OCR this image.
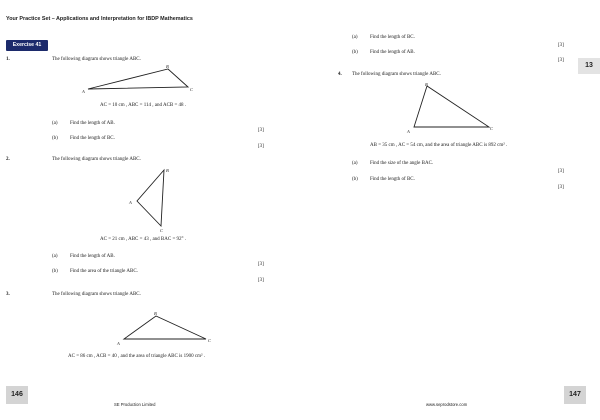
Your Practice Set – Applications and Interpretation for IBDP Mathematics
Exercise 41
13
1.	The following diagram shows triangle ABC.
A
B
C
AC = 10 cm , ABC = 114 , and ACB = 48 .
(a) Find the length of AB.
[3]
(b) Find the length of BC.
[3]
2.	The following diagram shows triangle ABC.
B
A
C
AC = 21 cm , ABC = 43 , and BAC = 92° .
(a) Find the length of AB.
[3]
(b) Find the area of the triangle ABC.
[3]
3.	The following diagram shows triangle ABC.
A
B
C
AC = 86 cm , ACB = 40 , and the area of triangle ABC is 1900 cm² .
(a) Find the length of BC.
[3]
(b) Find the length of AB.
[3]
4. The following diagram shows triangle ABC.
B
A
C
AB = 35 cm , AC = 54 cm, and the area of triangle ABC is 892 cm² .
(a) Find the size of the angle BAC.
[3]
(b) Find the length of BC.
[3]
146	147
SE Production Limited	www.seprodstore.com
